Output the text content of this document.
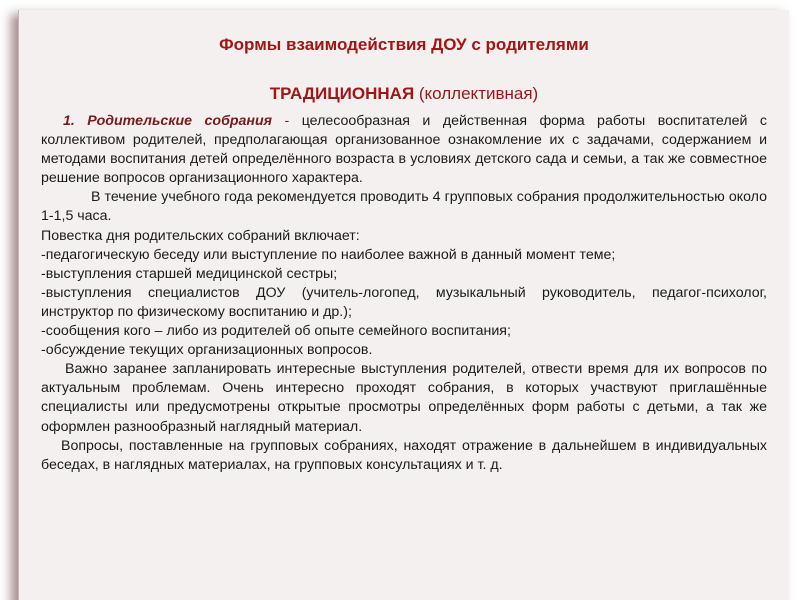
Формы взаимодействия ДОУ с родителями
ТРАДИЦИОННАЯ (коллективная)

1. Родительские собрания - целесообразная и действенная форма работы воспитателей с коллективом родителей, предполагающая организованное ознакомление их с задачами, содержанием и методами воспитания детей определённого возраста в условиях детского сада и семьи, а так же совместное решение вопросов организационного характера.

В течение учебного года рекомендуется проводить 4 групповых собрания продолжительностью около 1-1,5 часа.

Повестка дня родительских собраний включает:

-педагогическую беседу или выступление по наиболее важной в данный момент теме;

-выступления старшей медицинской сестры;

-выступления специалистов ДОУ (учитель-логопед, музыкальный руководитель, педагог-психолог, инструктор по физическому воспитанию и др.);

-сообщения кого – либо из родителей об опыте семейного воспитания;

-обсуждение текущих организационных вопросов.

Важно заранее запланировать интересные выступления родителей, отвести время для их вопросов по актуальным проблемам. Очень интересно проходят собрания, в которых участвуют приглашённые специалисты или предусмотрены открытые просмотры определённых форм работы с детьми, а так же оформлен разнообразный наглядный материал.

Вопросы, поставленные на групповых собраниях, находят отражение в дальнейшем в индивидуальных беседах, в наглядных материалах, на групповых консультациях и т. д.
